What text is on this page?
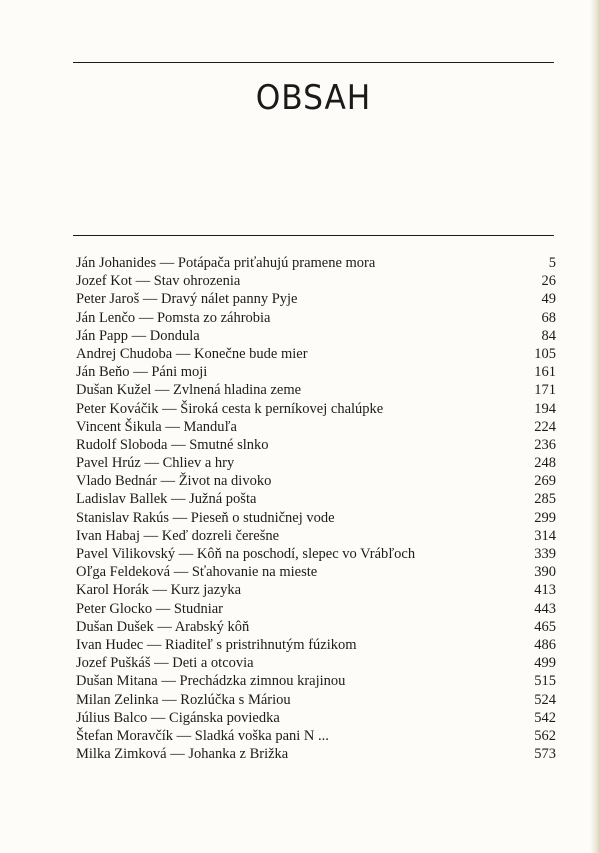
OBSAH
Ján Johanides — Potápača priťahujú pramene mora	5
Jozef Kot — Stav ohrozenia	26
Peter Jaroš — Dravý nálet panny Pyje	49
Ján Lenčo — Pomsta zo záhrobia	68
Ján Papp — Dondula	84
Andrej Chudoba — Konečne bude mier	105
Ján Beňo — Páni moji	161
Dušan Kužel — Zvlnená hladina zeme	171
Peter Kováčik — Široká cesta k perníkovej chalúpke	194
Vincent Šikula — Manduľa	224
Rudolf Sloboda — Smutné slnko	236
Pavel Hrúz — Chliev a hry	248
Vlado Bednár — Život na divoko	269
Ladislav Ballek — Južná pošta	285
Stanislav Rakús — Pieseň o studničnej vode	299
Ivan Habaj — Keď dozreli čerešne	314
Pavel Vilikovský — Kôň na poschodí, slepec vo Vrábľoch	339
Oľga Feldeková — Sťahovanie na mieste	390
Karol Horák — Kurz jazyka	413
Peter Glocko — Studniar	443
Dušan Dušek — Arabský kôň	465
Ivan Hudec — Riaditeľ s pristrihnutým fúzikom	486
Jozef Puškáš — Deti a otcovia	499
Dušan Mitana — Prechádzka zimnou krajinou	515
Milan Zelinka — Rozlúčka s Máriou	524
Július Balco — Cigánska poviedka	542
Štefan Moravčík — Sladká voška pani N ...	562
Milka Zimková — Johanka z Brižka	573
